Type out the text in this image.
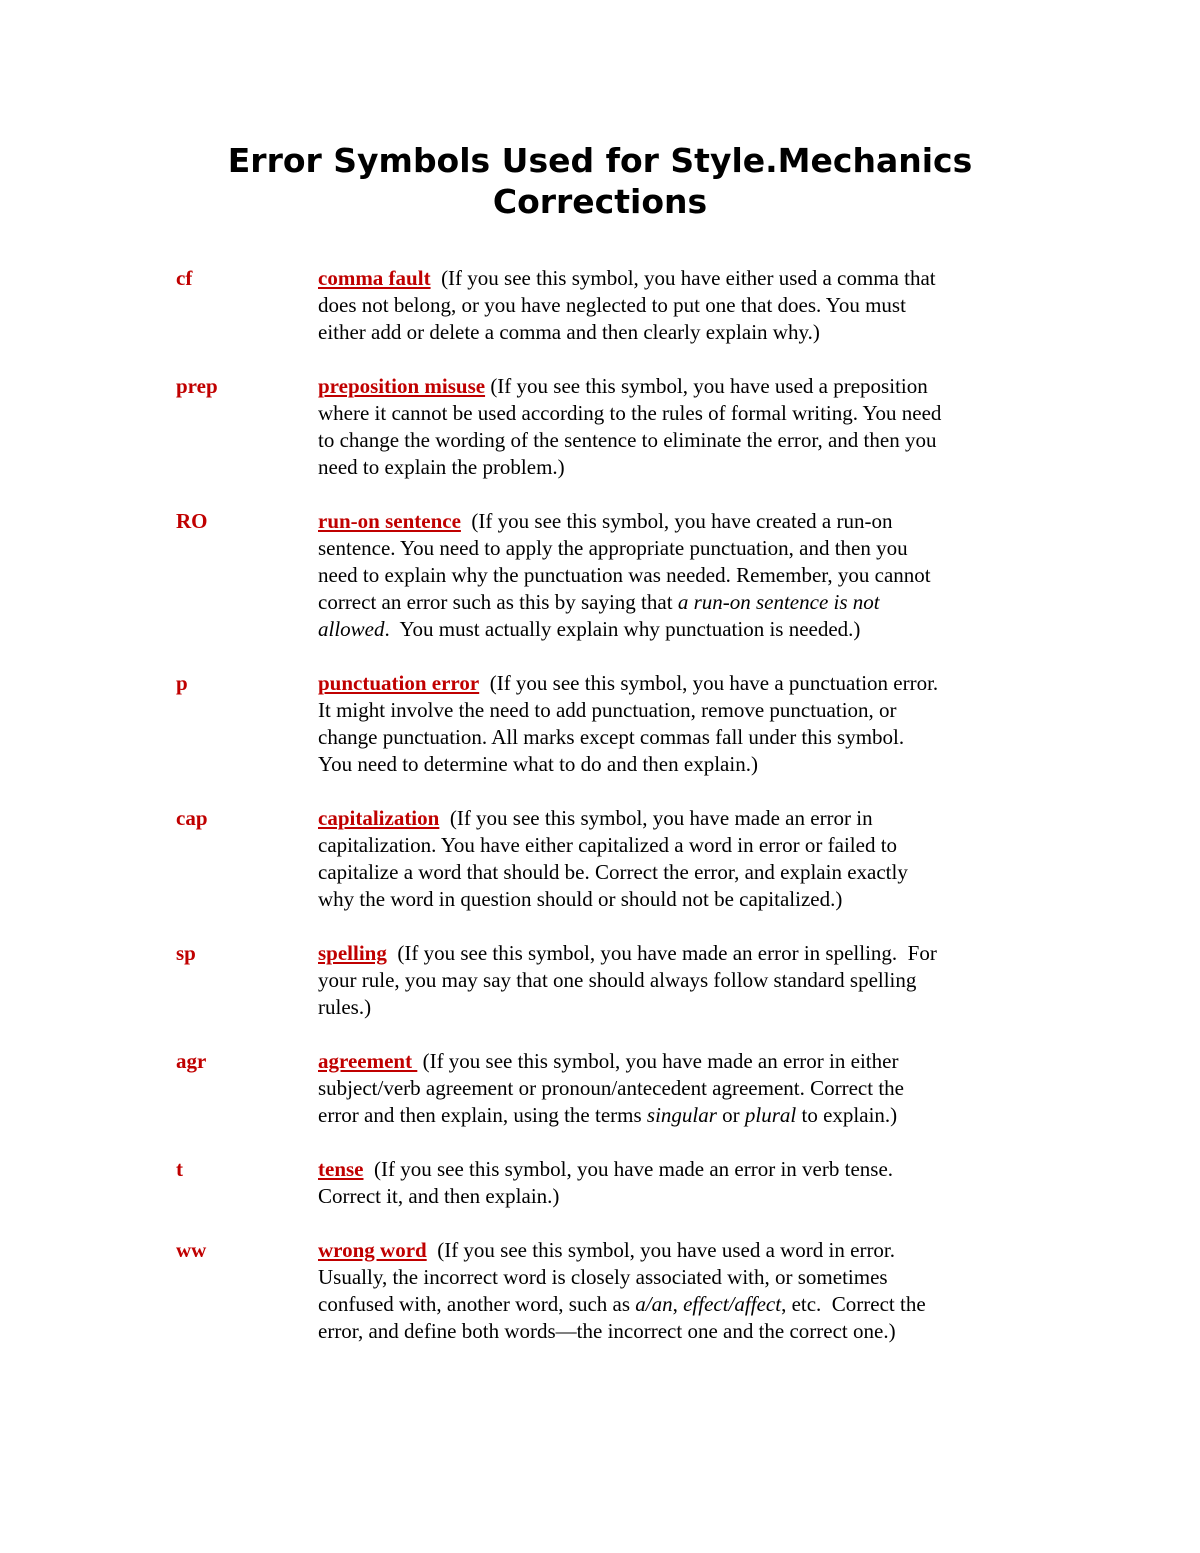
Error Symbols Used for Style.Mechanics
Corrections
cf	comma fault  (If you see this symbol, you have either used a comma that
does not belong, or you have neglected to put one that does. You must
either add or delete a comma and then clearly explain why.)
prep	preposition misuse (If you see this symbol, you have used a preposition
where it cannot be used according to the rules of formal writing. You need
to change the wording of the sentence to eliminate the error, and then you
need to explain the problem.)
RO	run-on sentence  (If you see this symbol, you have created a run-on
sentence. You need to apply the appropriate punctuation, and then you
need to explain why the punctuation was needed. Remember, you cannot
correct an error such as this by saying that a run-on sentence is not
allowed.  You must actually explain why punctuation is needed.)
p	punctuation error  (If you see this symbol, you have a punctuation error.
It might involve the need to add punctuation, remove punctuation, or
change punctuation. All marks except commas fall under this symbol.
You need to determine what to do and then explain.)
cap	capitalization  (If you see this symbol, you have made an error in
capitalization. You have either capitalized a word in error or failed to
capitalize a word that should be. Correct the error, and explain exactly
why the word in question should or should not be capitalized.)
sp	spelling  (If you see this symbol, you have made an error in spelling.  For
your rule, you may say that one should always follow standard spelling
rules.)
agr	agreement  (If you see this symbol, you have made an error in either
subject/verb agreement or pronoun/antecedent agreement. Correct the
error and then explain, using the terms singular or plural to explain.)
t	tense  (If you see this symbol, you have made an error in verb tense.
Correct it, and then explain.)
ww	wrong word  (If you see this symbol, you have used a word in error.
Usually, the incorrect word is closely associated with, or sometimes
confused with, another word, such as a/an, effect/affect, etc.  Correct the
error, and define both words—the incorrect one and the correct one.)
